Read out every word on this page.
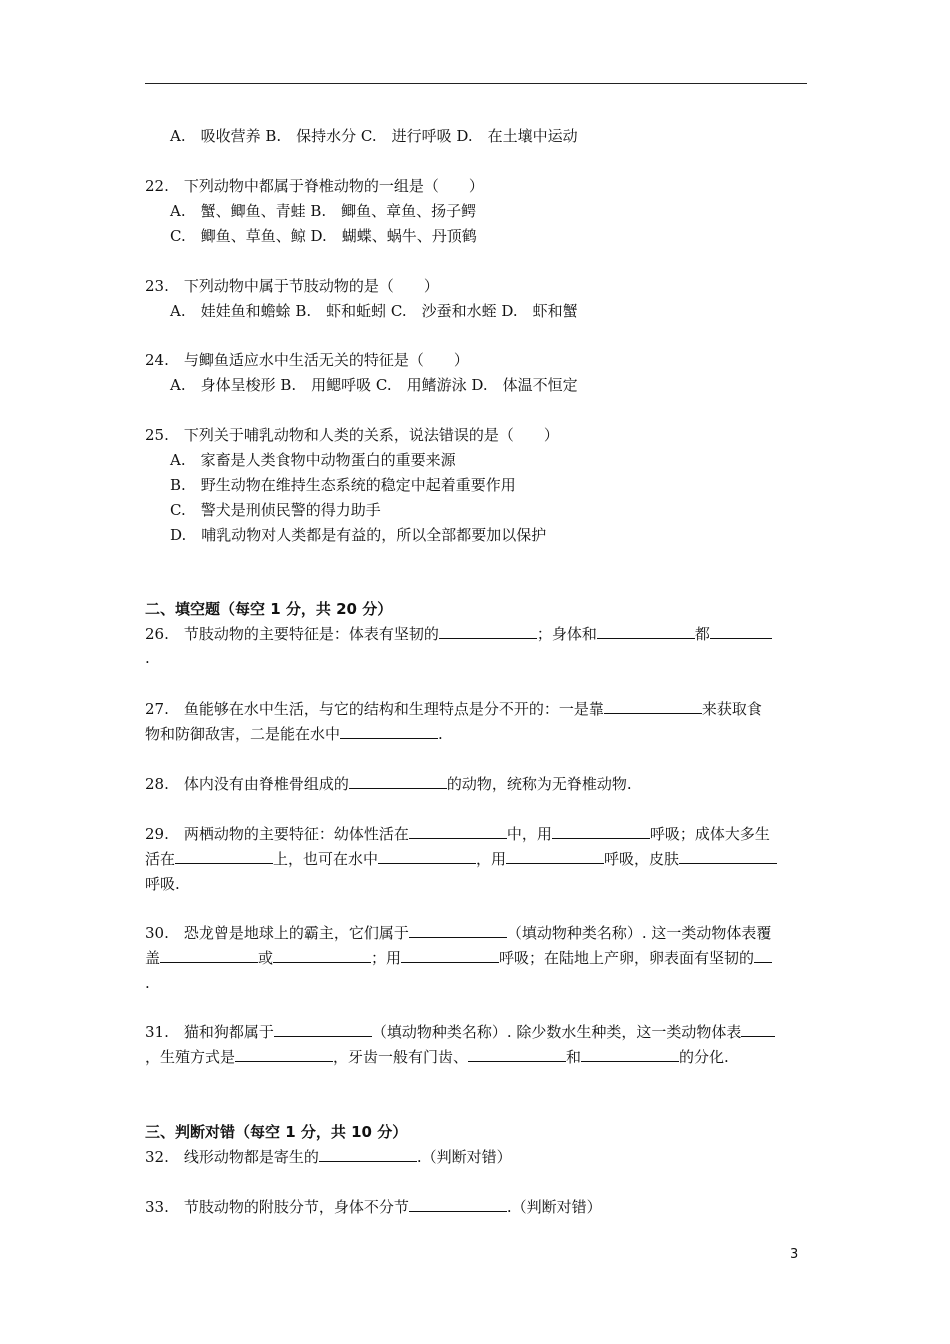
A.　吸收营养 B.　保持水分 C.　进行呼吸 D.　在土壤中运动
22.　下列动物中都属于脊椎动物的一组是（　　）
A.　蟹、鲫鱼、青蛙 B.　鲫鱼、章鱼、扬子鳄
C.　鲫鱼、草鱼、鲸 D.　蝴蝶、蜗牛、丹顶鹤
23.　下列动物中属于节肢动物的是（　　）
A.　娃娃鱼和蟾蜍 B.　虾和蚯蚓 C.　沙蚕和水蛭 D.　虾和蟹
24.　与鲫鱼适应水中生活无关的特征是（　　）
A.　身体呈梭形 B.　用鳃呼吸 C.　用鳍游泳 D.　体温不恒定
25.　下列关于哺乳动物和人类的关系，说法错误的是（　　）
A.　家畜是人类食物中动物蛋白的重要来源
B.　野生动物在维持生态系统的稳定中起着重要作用
C.　警犬是刑侦民警的得力助手
D.　哺乳动物对人类都是有益的，所以全部都要加以保护
二、填空题（每空 1 分，共 20 分）
26.　节肢动物的主要特征是：体表有坚韧的	；身体和	都
.
27.　鱼能够在水中生活，与它的结构和生理特点是分不开的：一是靠	来获取食
物和防御敌害，二是能在水中	.
28.　体内没有由脊椎骨组成的	的动物，统称为无脊椎动物.
29.　两栖动物的主要特征：幼体性活在	中，用	呼吸；成体大多生
活在	上，也可在水中	，用	呼吸，皮肤
呼吸.
30.　恐龙曾是地球上的霸主，它们属于	（填动物种类名称）. 这一类动物体表覆
盖	或	；用	呼吸；在陆地上产卵，卵表面有坚韧的
.
31.　猫和狗都属于	（填动物种类名称）. 除少数水生种类，这一类动物体表
，生殖方式是	，牙齿一般有门齿、	和	的分化.
三、判断对错（每空 1 分，共 10 分）
32.　线形动物都是寄生的	.（判断对错）
33.　节肢动物的附肢分节，身体不分节	.（判断对错）
3
